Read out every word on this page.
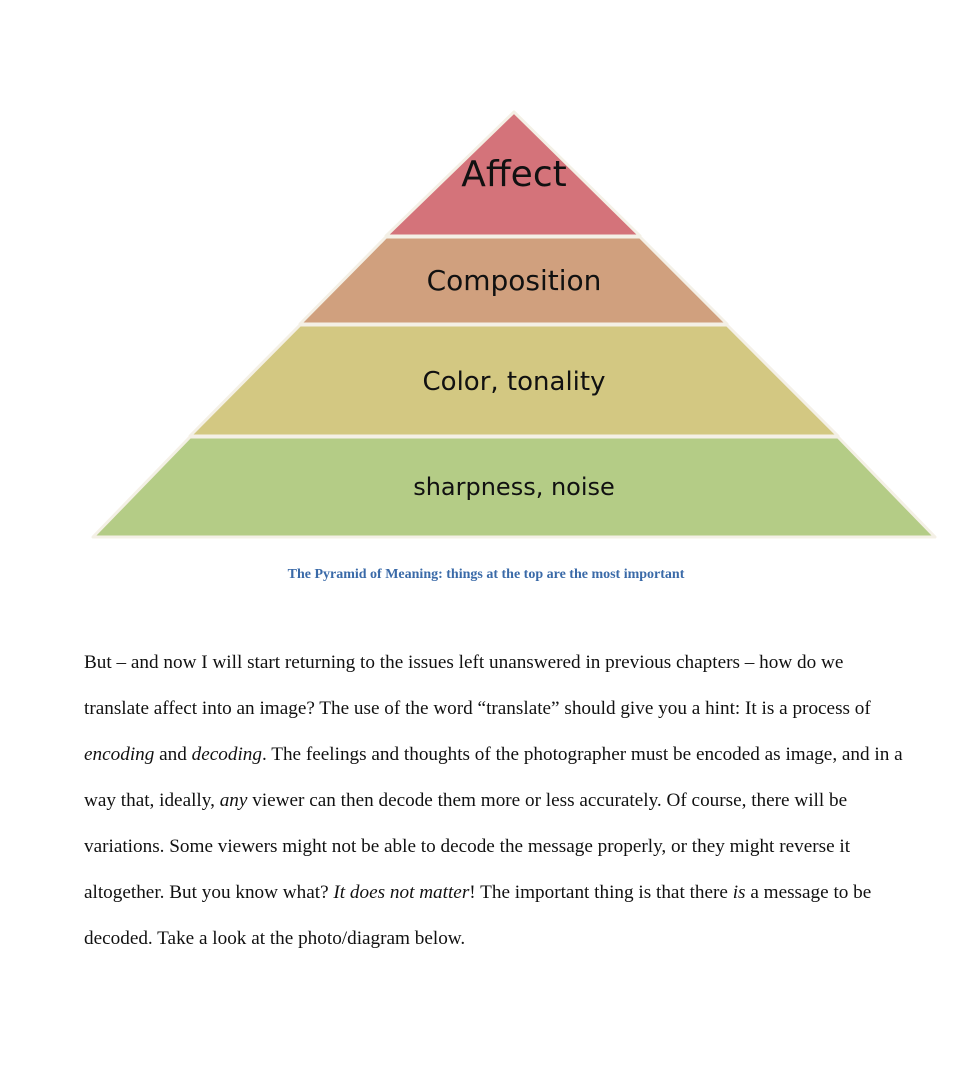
Affect
Composition
Color, tonality
sharpness, noise
The Pyramid of Meaning: things at the top are the most important

But – and now I will start returning to the issues left unanswered in previous chapters – how do we translate affect into an image? The use of the word “translate” should give you a hint: It is a process of encoding and decoding. The feelings and thoughts of the photographer must be encoded as image, and in a way that, ideally, any viewer can then decode them more or less accurately. Of course, there will be variations. Some viewers might not be able to decode the message properly, or they might reverse it altogether. But you know what? It does not matter! The important thing is that there is a message to be decoded. Take a look at the photo/diagram below.
